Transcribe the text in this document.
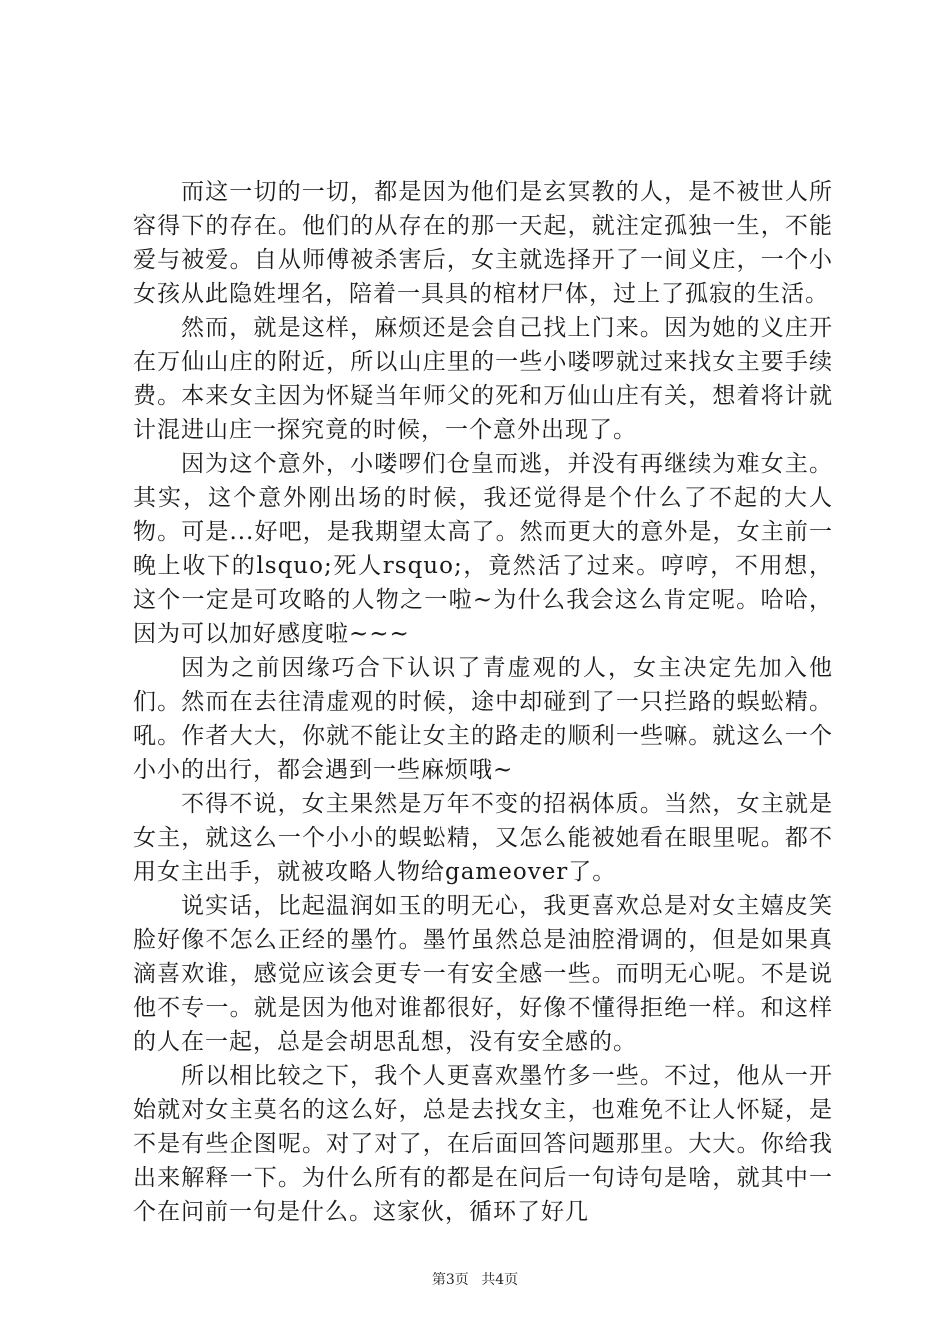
而这一切的一切，都是因为他们是玄冥教的人，是不被世人所容得下的存在。他们的从存在的那一天起，就注定孤独一生，不能爱与被爱。自从师傅被杀害后，女主就选择开了一间义庄，一个小女孩从此隐姓埋名，陪着一具具的棺材尸体，过上了孤寂的生活。

然而，就是这样，麻烦还是会自己找上门来。因为她的义庄开在万仙山庄的附近，所以山庄里的一些小喽啰就过来找女主要手续费。本来女主因为怀疑当年师父的死和万仙山庄有关，想着将计就计混进山庄一探究竟的时候，一个意外出现了。

因为这个意外，小喽啰们仓皇而逃，并没有再继续为难女主。其实，这个意外刚出场的时候，我还觉得是个什么了不起的大人物。可是...好吧，是我期望太高了。然而更大的意外是，女主前一晚上收下的lsquo;死人rsquo;，竟然活了过来。哼哼，不用想，这个一定是可攻略的人物之一啦~为什么我会这么肯定呢。哈哈，因为可以加好感度啦~~~

因为之前因缘巧合下认识了青虚观的人，女主决定先加入他们。然而在去往清虚观的时候，途中却碰到了一只拦路的蜈蚣精。吼。作者大大，你就不能让女主的路走的顺利一些嘛。就这么一个小小的出行，都会遇到一些麻烦哦~

不得不说，女主果然是万年不变的招祸体质。当然，女主就是女主，就这么一个小小的蜈蚣精，又怎么能被她看在眼里呢。都不用女主出手，就被攻略人物给gameover了。

说实话，比起温润如玉的明无心，我更喜欢总是对女主嬉皮笑脸好像不怎么正经的墨竹。墨竹虽然总是油腔滑调的，但是如果真滴喜欢谁，感觉应该会更专一有安全感一些。而明无心呢。不是说他不专一。就是因为他对谁都很好，好像不懂得拒绝一样。和这样的人在一起，总是会胡思乱想，没有安全感的。

所以相比较之下，我个人更喜欢墨竹多一些。不过，他从一开始就对女主莫名的这么好，总是去找女主，也难免不让人怀疑，是不是有些企图呢。对了对了，在后面回答问题那里。大大。你给我出来解释一下。为什么所有的都是在问后一句诗句是啥，就其中一个在问前一句是什么。这家伙，循环了好几

第3页 共4页
